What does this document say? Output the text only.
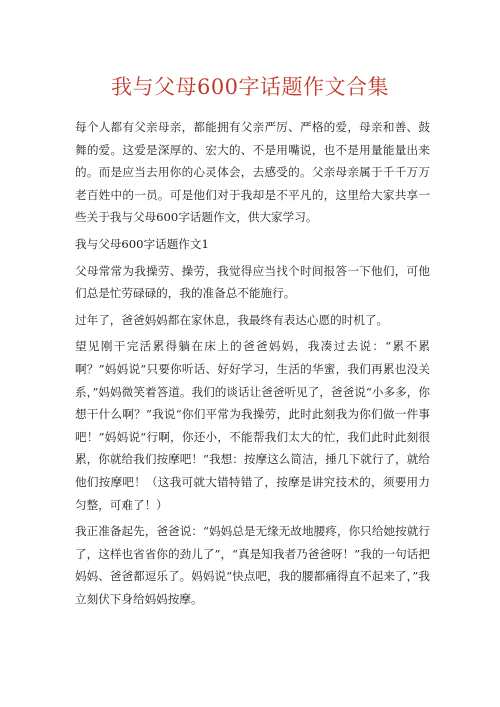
我与父母600字话题作文合集

每个人都有父亲母亲，都能拥有父亲严厉、严格的爱，母亲和善、鼓舞的爱。这爱是深厚的、宏大的、不是用嘴说，也不是用量能量出来的。而是应当去用你的心灵体会，去感受的。父亲母亲属于千千万万老百姓中的一员。可是他们对于我却是不平凡的，这里给大家共享一些关于我与父母600字话题作文，供大家学习。

我与父母600字话题作文1

父母常常为我操劳、操劳，我觉得应当找个时间报答一下他们，可他们总是忙劳碌碌的，我的准备总不能施行。

过年了，爸爸妈妈都在家休息，我最终有表达心愿的时机了。

望见刚干完活累得躺在床上的爸爸妈妈，我凑过去说：“累不累啊？”妈妈说“只要你听话、好好学习，生活的华蜜，我们再累也没关系，”妈妈微笑着答道。我们的谈话让爸爸听见了，爸爸说“小多多，你想干什么啊？”我说“你们平常为我操劳，此时此刻我为你们做一件事吧！”妈妈说“行啊，你还小，不能帮我们太大的忙，我们此时此刻很累，你就给我们按摩吧！”我想：按摩这么简洁，捶几下就行了，就给他们按摩吧！（这我可就大错特错了，按摩是讲究技术的，须要用力匀整，可难了！）

我正准备起先，爸爸说：“妈妈总是无缘无故地腰疼，你只给她按就行了，这样也省省你的劲儿了”，“真是知我者乃爸爸呀！”我的一句话把妈妈、爸爸都逗乐了。妈妈说“快点吧，我的腰都痛得直不起来了，”我立刻伏下身给妈妈按摩。
